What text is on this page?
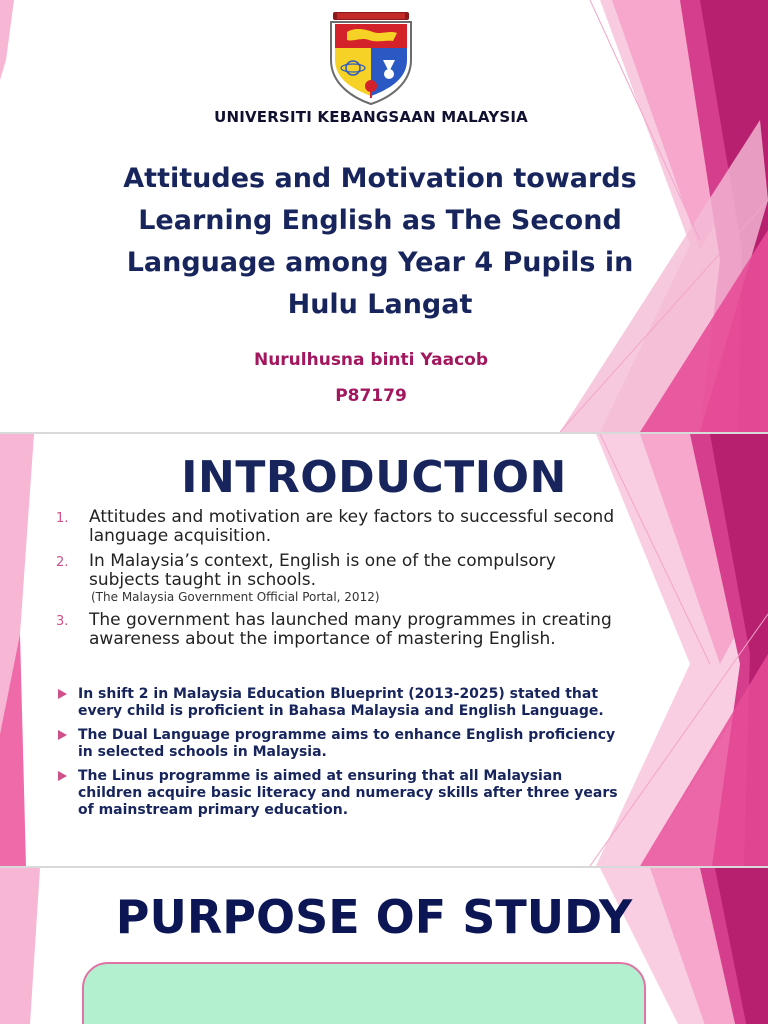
UNIVERSITI KEBANGSAAN MALAYSIA
Attitudes and Motivation towards Learning English as The Second Language among Year 4 Pupils in Hulu Langat
Nurulhusna binti Yaacob
P87179
INTRODUCTION
1. Attitudes and motivation are key factors to successful second language acquisition.
2. In Malaysia’s context, English is one of the compulsory subjects taught in schools.
(The Malaysia Government Official Portal, 2012)
3. The government has launched many programmes in creating awareness about the importance of mastering English.
In shift 2 in Malaysia Education Blueprint (2013-2025) stated that every child is proficient in Bahasa Malaysia and English Language.
The Dual Language programme aims to enhance English proficiency in selected schools in Malaysia.
The Linus programme is aimed at ensuring that all Malaysian children acquire basic literacy and numeracy skills after three years of mainstream primary education.
PURPOSE OF STUDY
